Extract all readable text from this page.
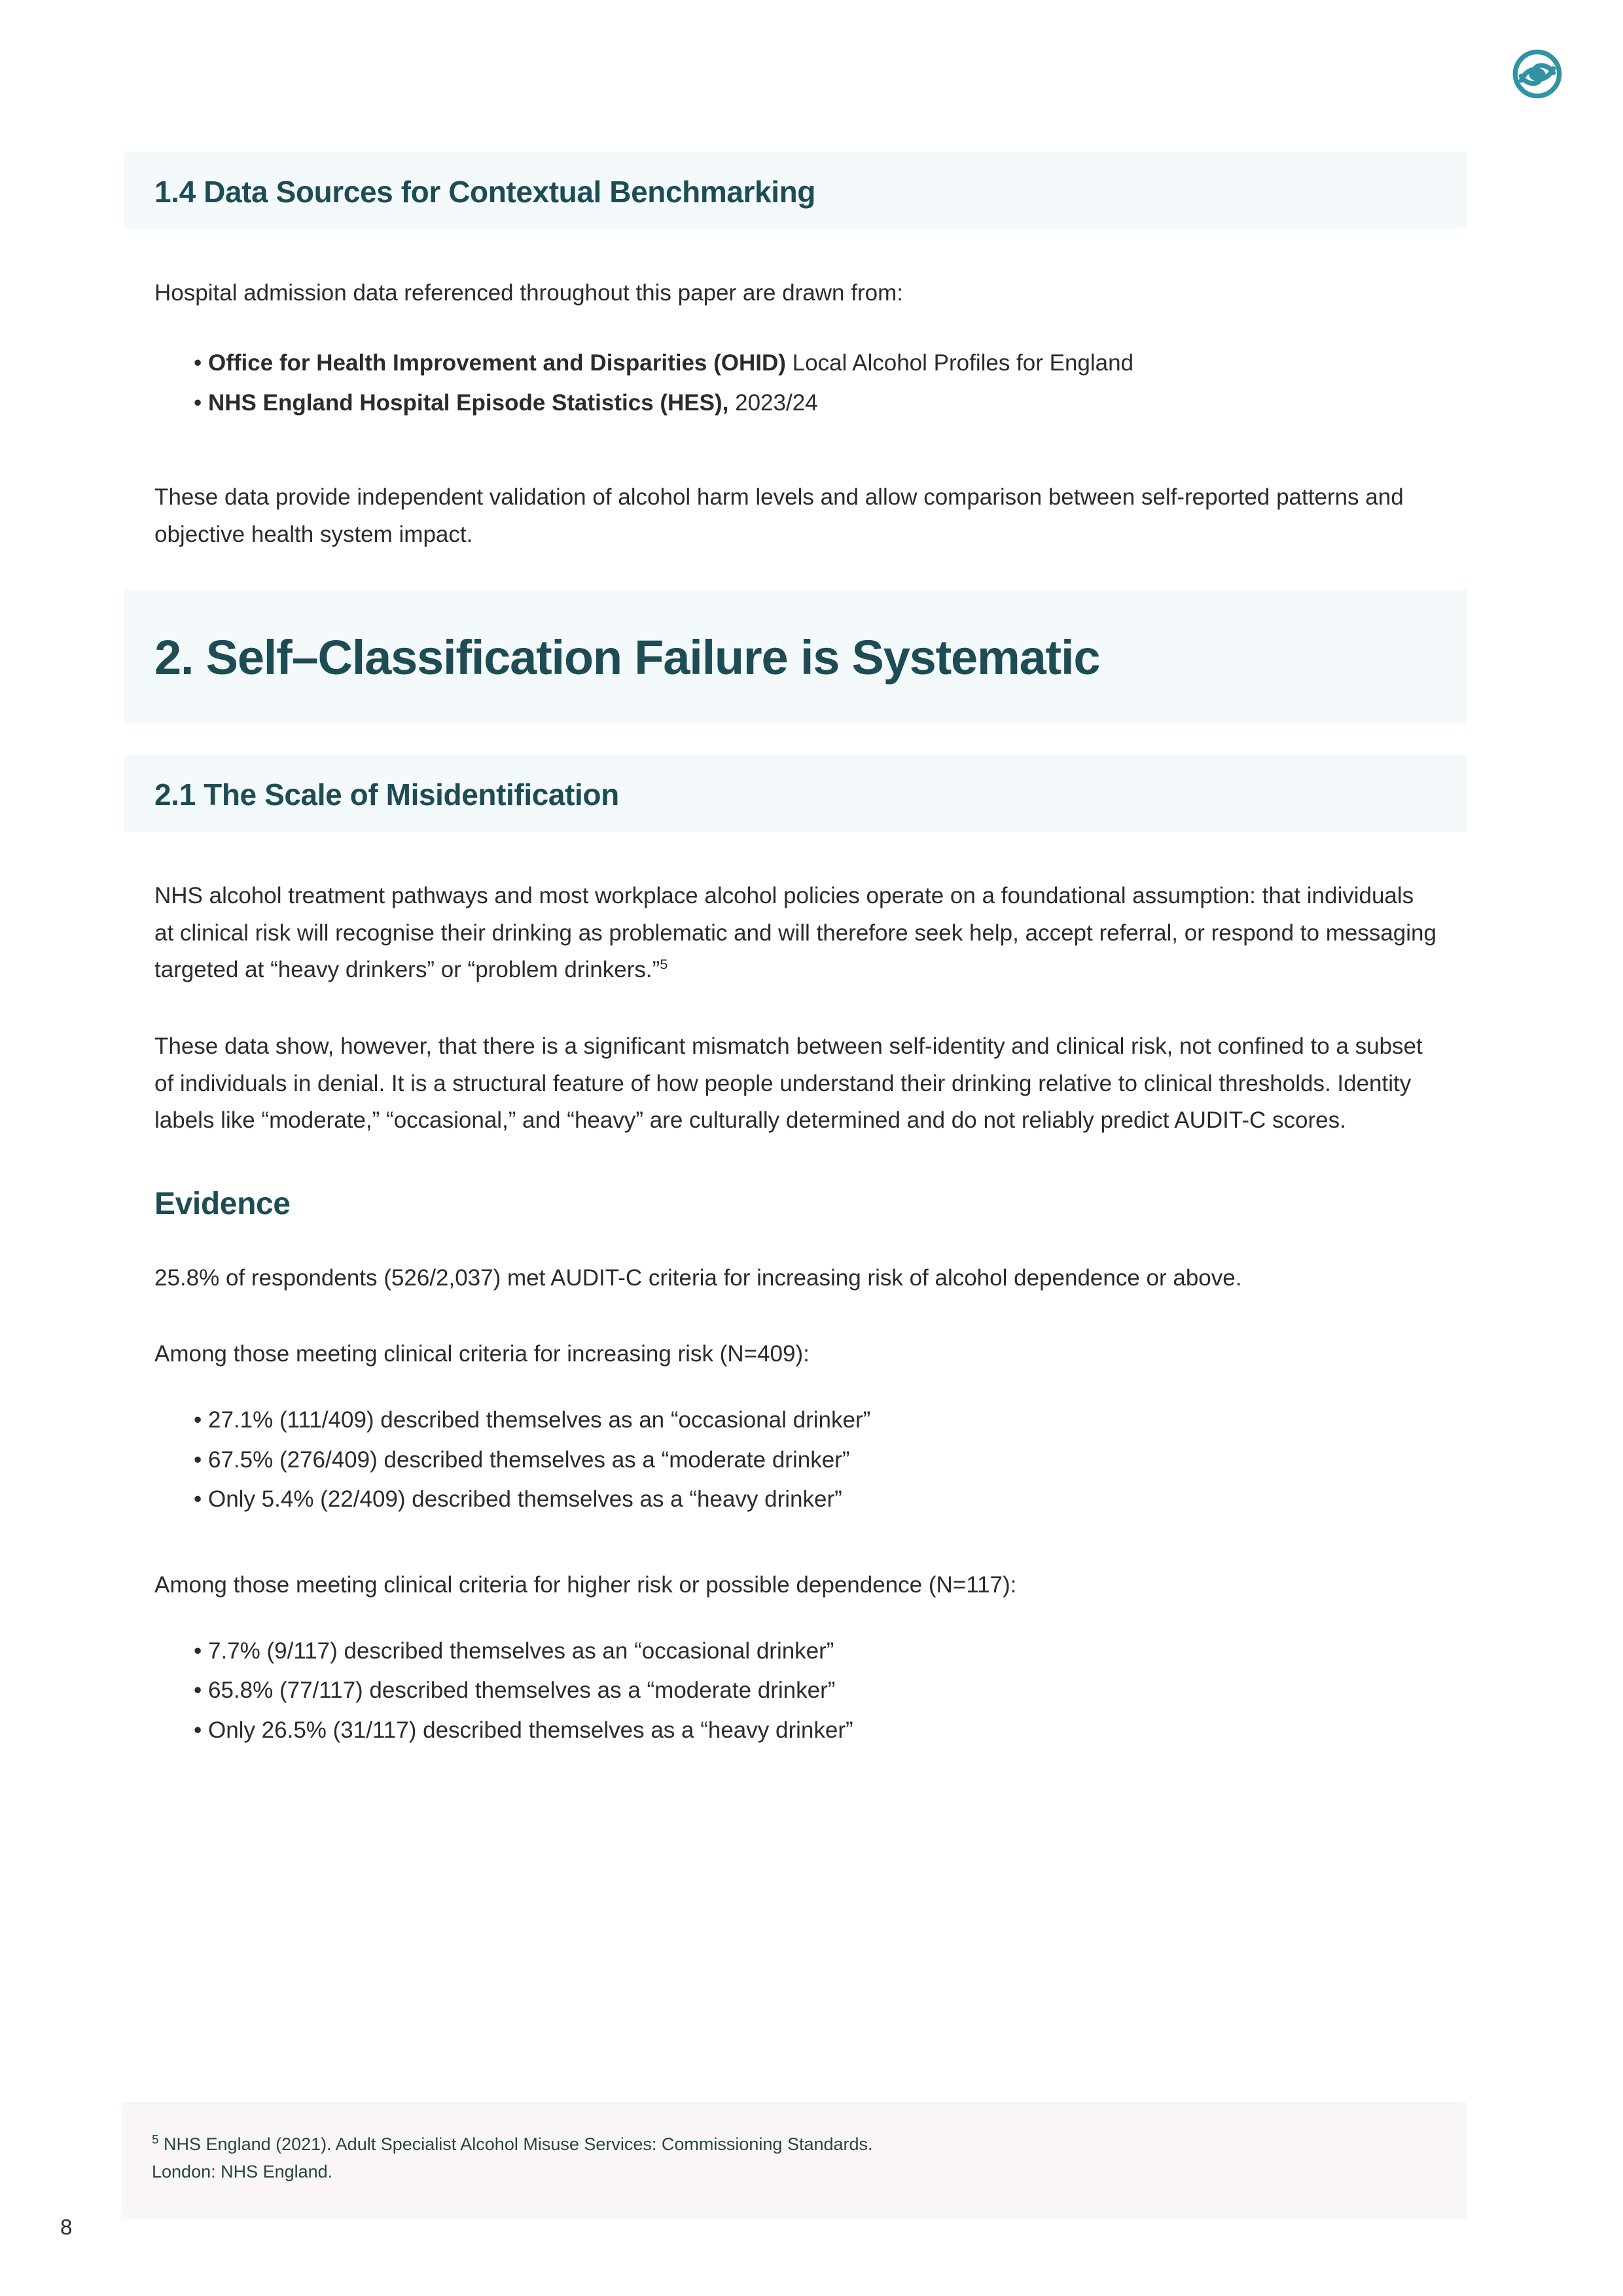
1.4 Data Sources for Contextual Benchmarking

Hospital admission data referenced throughout this paper are drawn from:

• Office for Health Improvement and Disparities (OHID) Local Alcohol Profiles for England
• NHS England Hospital Episode Statistics (HES), 2023/24

These data provide independent validation of alcohol harm levels and allow comparison between self-reported patterns and objective health system impact.

2. Self–Classification Failure is Systematic
2.1 The Scale of Misidentification

NHS alcohol treatment pathways and most workplace alcohol policies operate on a foundational assumption: that individuals at clinical risk will recognise their drinking as problematic and will therefore seek help, accept referral, or respond to messaging targeted at “heavy drinkers” or “problem drinkers.”$^5$

These data show, however, that there is a significant mismatch between self-identity and clinical risk, not confined to a subset of individuals in denial. It is a structural feature of how people understand their drinking relative to clinical thresholds. Identity labels like “moderate,” “occasional,” and “heavy” are culturally determined and do not reliably predict AUDIT-C scores.

Evidence

25.8% of respondents (526/2,037) met AUDIT-C criteria for increasing risk of alcohol dependence or above.

Among those meeting clinical criteria for increasing risk (N=409):

• 27.1% (111/409) described themselves as an “occasional drinker”
• 67.5% (276/409) described themselves as a “moderate drinker”
• Only 5.4% (22/409) described themselves as a “heavy drinker”

Among those meeting clinical criteria for higher risk or possible dependence (N=117):

• 7.7% (9/117) described themselves as an “occasional drinker”
• 65.8% (77/117) described themselves as a “moderate drinker”
• Only 26.5% (31/117) described themselves as a “heavy drinker”

$^5$ NHS England (2021). Adult Specialist Alcohol Misuse Services: Commissioning Standards.

London: NHS England.

8
